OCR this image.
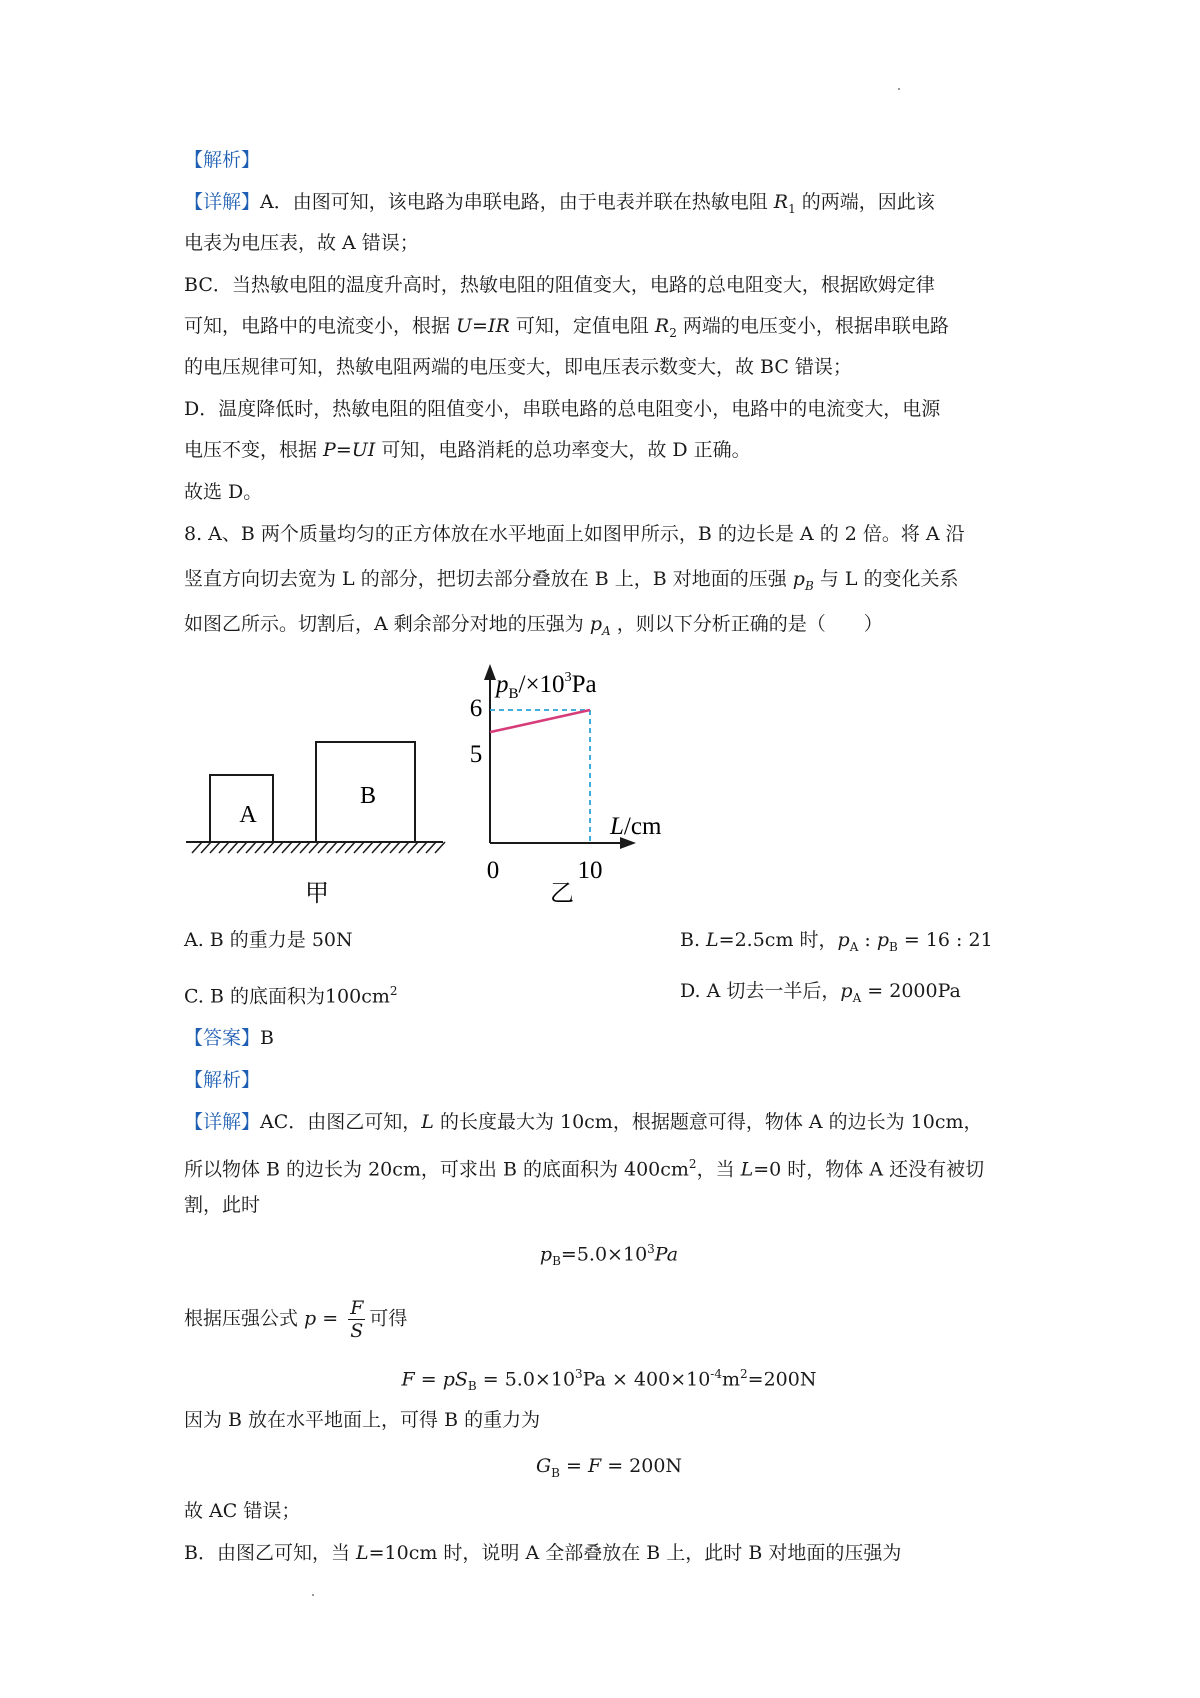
【解析】
【详解】A．由图可知，该电路为串联电路，由于电表并联在热敏电阻 $R_1$ 的两端，因此该
电表为电压表，故 A 错误；
BC．当热敏电阻的温度升高时，热敏电阻的阻值变大，电路的总电阻变大，根据欧姆定律
可知，电路中的电流变小，根据 U=IR 可知，定值电阻 $R_2$ 两端的电压变小，根据串联电路
的电压规律可知，热敏电阻两端的电压变大，即电压表示数变大，故 BC 错误；
D．温度降低时，热敏电阻的阻值变小，串联电路的总电阻变小，电路中的电流变大，电源
电压不变，根据 P=UI 可知，电路消耗的总功率变大，故 D 正确。
故选 D。
8. A、B 两个质量均匀的正方体放在水平地面上如图甲所示，B 的边长是 A 的 2 倍。将 A 沿
竖直方向切去宽为 L 的部分，把切去部分叠放在 B 上，B 对地面的压强 $p_B$ 与 L 的变化关系
如图乙所示。切割后，A 剩余部分对地的压强为 $p_A$ ，则以下分析正确的是（　　）
A
B
甲
$p_B/\times 10^3Pa$
L/cm
0	10
5
6
乙
A. B 的重力是 50N	B. L=2.5cm 时，$p_A$ : $p_B = 16$ : 21
C. B 的底面积为$100cm^2$	D. A 切去一半后，$p_A = 2000Pa$
【答案】B
【解析】
【详解】AC．由图乙可知，L 的长度最大为 10cm，根据题意可得，物体 A 的边长为 10cm，
所以物体 B 的边长为 20cm，可求出 B 的底面积为 $400cm^2$，当 L=0 时，物体 A 还没有被切
割，此时
$p_B=5.0\times 10^3Pa$
根据压强公式 $p = \frac{F}{S}$ 可得
$F = pS_B = 5.0\times 10^3Pa \times 400\times 10^{-4}m^2=200N$
因为 B 放在水平地面上，可得 B 的重力为
$G_B = F = 200N$
故 AC 错误；
B．由图乙可知，当 L=10cm 时，说明 A 全部叠放在 B 上，此时 B 对地面的压强为
